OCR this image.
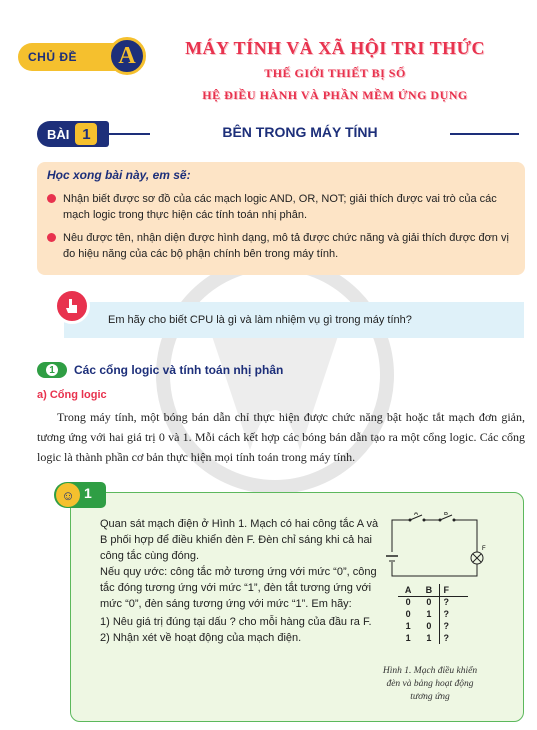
CHỦ ĐỀ	A	MÁY TÍNH VÀ XÃ HỘI TRI THỨC
THẾ GIỚI THIẾT BỊ SỐ
HỆ ĐIỀU HÀNH VÀ PHẦN MỀM ỨNG DỤNG
BÀI 1	BÊN TRONG MÁY TÍNH
Học xong bài này, em sẽ:
Nhận biết được sơ đồ của các mạch logic AND, OR, NOT; giải thích được vai trò của các mạch logic trong thực hiện các tính toán nhị phân.
Nêu được tên, nhận diện được hình dạng, mô tả được chức năng và giải thích được đơn vị đo hiệu năng của các bộ phận chính bên trong máy tính.
Em hãy cho biết CPU là gì và làm nhiệm vụ gì trong máy tính?
1 Các cổng logic và tính toán nhị phân
a) Cổng logic
Trong máy tính, một bóng bán dẫn chỉ thực hiện được chức năng bật hoặc tắt mạch đơn giản, tương ứng với hai giá trị 0 và 1. Mỗi cách kết hợp các bóng bán dẫn tạo ra một cổng logic. Các cổng logic là thành phần cơ bản thực hiện mọi tính toán trong máy tính.
☺ 1
Quan sát mạch điện ở Hình 1. Mạch có hai công tắc A và B phối hợp để điều khiển đèn F. Đèn chỉ sáng khi cả hai công tắc cùng đóng.
Nếu quy ước: công tắc mở tương ứng với mức “0”, công tắc đóng tương ứng với mức “1”, đèn tắt tương ứng với mức “0”, đèn sáng tương ứng với mức “1”. Em hãy:
1) Nêu giá trị đúng tại dấu ? cho mỗi hàng của đầu ra F.
2) Nhận xét về hoạt động của mạch điện.
A	B
F
A	B	F
0	0	?
0	1	?
1	0	?
1	1	?
Hình 1. Mạch điều khiển đèn và bảng hoạt động tương ứng
